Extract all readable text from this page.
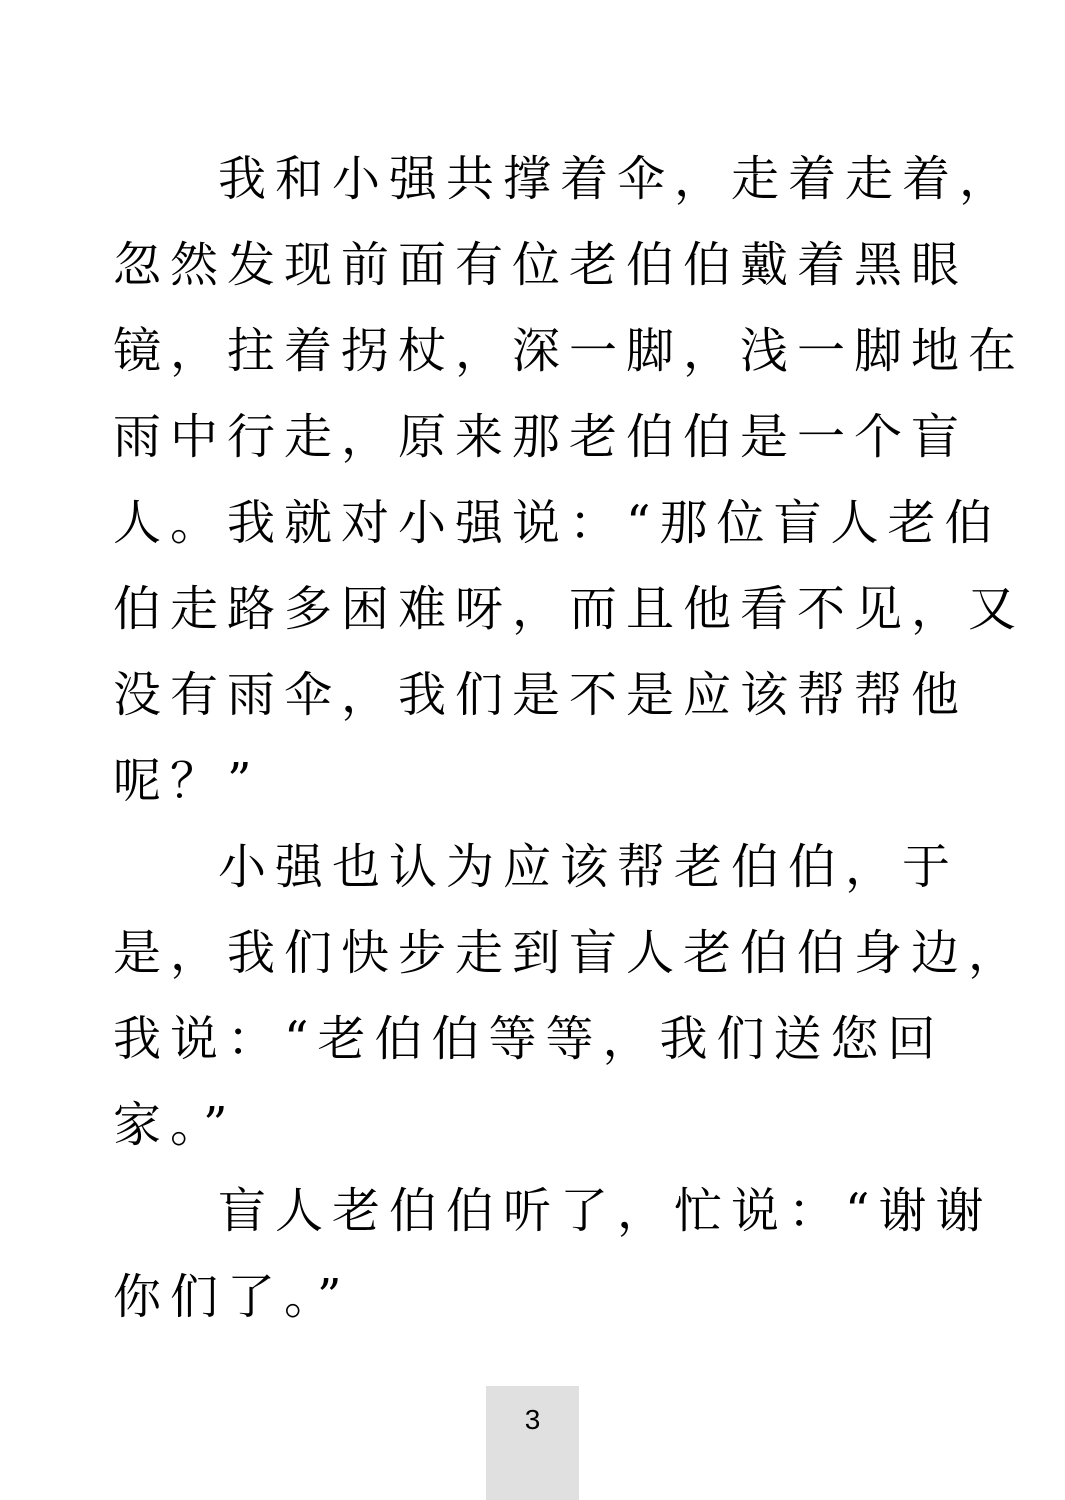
我和小强共撑着伞，走着走着，
忽然发现前面有位老伯伯戴着黑眼
镜，拄着拐杖，深一脚，浅一脚地在
雨中行走，原来那老伯伯是一个盲
人。我就对小强说：“那位盲人老伯
伯走路多困难呀，而且他看不见，又
没有雨伞，我们是不是应该帮帮他
呢？”
小强也认为应该帮老伯伯，于
是，我们快步走到盲人老伯伯身边，
我说：“老伯伯等等，我们送您回
家。”
盲人老伯伯听了，忙说：“谢谢
你们了。”
3
